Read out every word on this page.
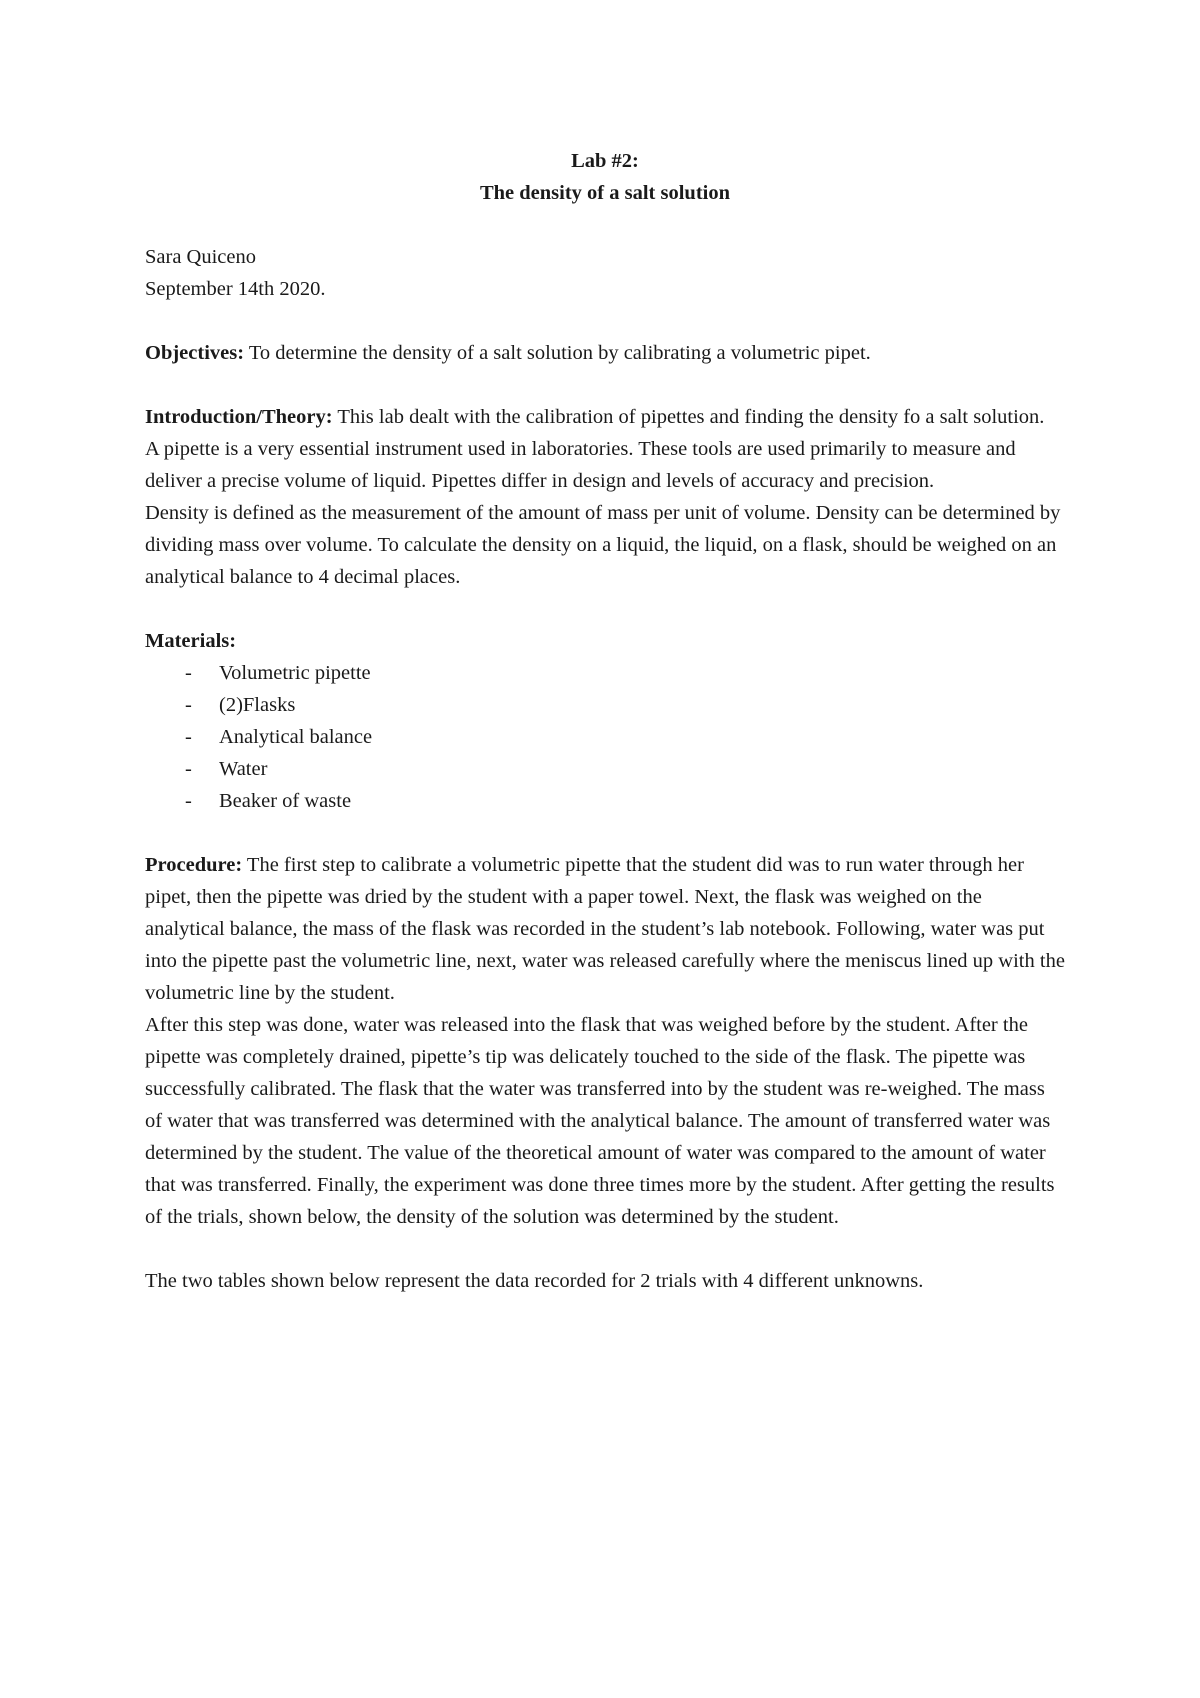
Lab #2:
The density of a salt solution

Sara Quiceno

September 14th 2020.

Objectives: To determine the density of a salt solution by calibrating a volumetric pipet.

Introduction/Theory: This lab dealt with the calibration of pipettes and finding the density fo a salt solution.

A pipette is a very essential instrument used in laboratories. These tools are used primarily to measure and deliver a precise volume of liquid. Pipettes differ in design and levels of accuracy and precision.

Density is defined as the measurement of the amount of mass per unit of volume. Density can be determined by dividing mass over volume. To calculate the density on a liquid, the liquid, on a flask, should be weighed on an analytical balance to 4 decimal places.

Materials:

- Volumetric pipette
- (2)Flasks
- Analytical balance
- Water
- Beaker of waste

Procedure: The first step to calibrate a volumetric pipette that the student did was to run water through her pipet, then the pipette was dried by the student with a paper towel. Next, the flask was weighed on the analytical balance, the mass of the flask was recorded in the student’s lab notebook. Following, water was put into the pipette past the volumetric line, next, water was released carefully where the meniscus lined up with the volumetric line by the student.

After this step was done, water was released into the flask that was weighed before by the student. After the pipette was completely drained, pipette’s tip was delicately touched to the side of the flask. The pipette was successfully calibrated. The flask that the water was transferred into by the student was re-weighed. The mass of water that was transferred was determined with the analytical balance. The amount of transferred water was determined by the student. The value of the theoretical amount of water was compared to the amount of water that was transferred. Finally, the experiment was done three times more by the student. After getting the results of the trials, shown below, the density of the solution was determined by the student.

The two tables shown below represent the data recorded for 2 trials with 4 different unknowns.
